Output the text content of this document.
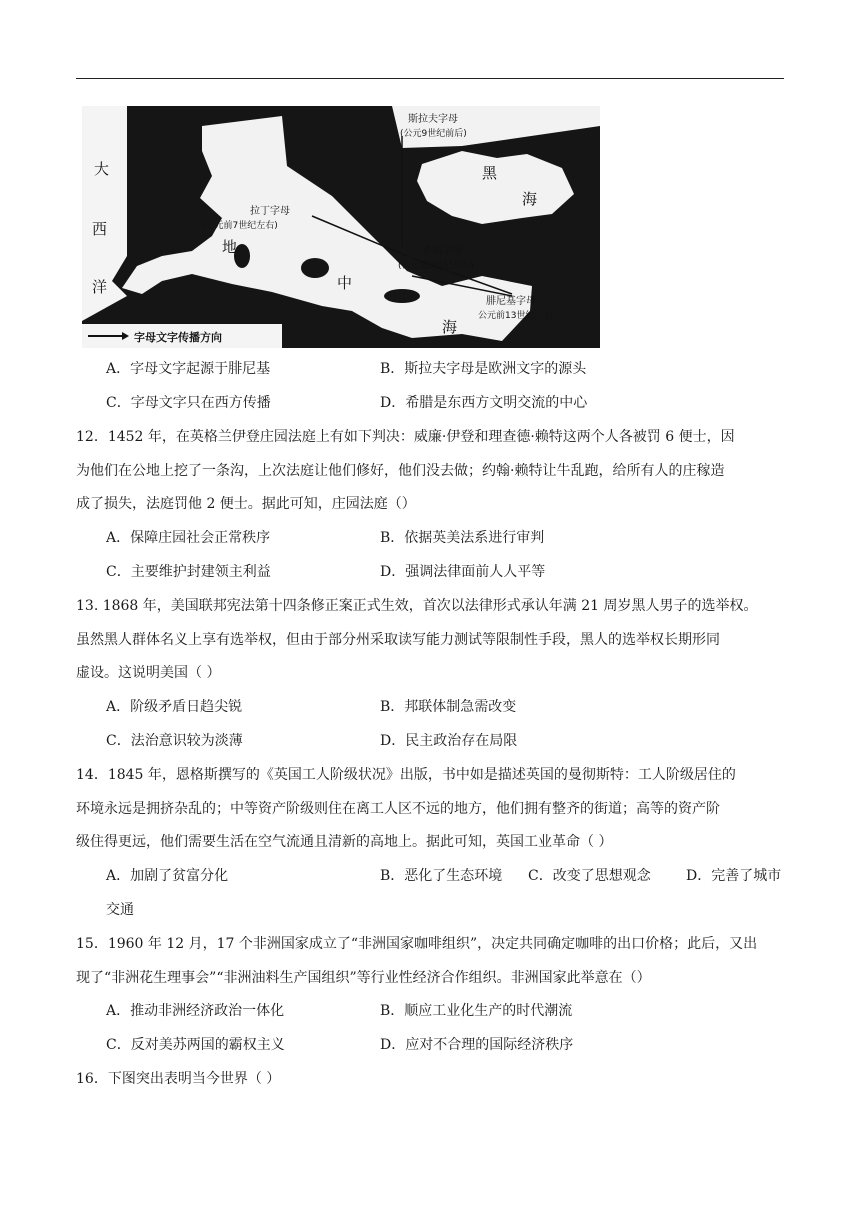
大
西
洋
黑
海
地
中
海
拉丁字母
(公元前7世纪左右)
希腊字母
(公元前9世纪左右)
斯拉夫字母
(公元9世纪前后)
腓尼基字母
公元前13世纪左右
字母文字传播方向
A．字母文字起源于腓尼基	B．斯拉夫字母是欧洲文字的源头
C．字母文字只在西方传播	D．希腊是东西方文明交流的中心
12．1452 年，在英格兰伊登庄园法庭上有如下判决：威廉·伊登和理查德·赖特这两个人各被罚 6 便士，因
为他们在公地上挖了一条沟，上次法庭让他们修好，他们没去做；约翰·赖特让牛乱跑，给所有人的庄稼造
成了损失，法庭罚他 2 便士。据此可知，庄园法庭（）
A．保障庄园社会正常秩序	B．依据英美法系进行审判
C．主要维护封建领主利益	D．强调法律面前人人平等
13. 1868 年，美国联邦宪法第十四条修正案正式生效，首次以法律形式承认年满 21 周岁黑人男子的选举权。
虽然黑人群体名义上享有选举权，但由于部分州采取读写能力测试等限制性手段，黑人的选举权长期形同
虚设。这说明美国（ ）
A．阶级矛盾日趋尖锐	B．邦联体制急需改变
C．法治意识较为淡薄	D．民主政治存在局限
14．1845 年，恩格斯撰写的《英国工人阶级状况》出版，书中如是描述英国的曼彻斯特：工人阶级居住的
环境永远是拥挤杂乱的；中等资产阶级则住在离工人区不远的地方，他们拥有整齐的街道；高等的资产阶
级住得更远，他们需要生活在空气流通且清新的高地上。据此可知，英国工业革命（ ）
A．加剧了贫富分化	B．恶化了生态环境 C．改变了思想观念	D．完善了城市
交通
15．1960 年 12 月，17 个非洲国家成立了“非洲国家咖啡组织”，决定共同确定咖啡的出口价格；此后，又出
现了“非洲花生理事会”“非洲油料生产国组织”等行业性经济合作组织。非洲国家此举意在（）
A．推动非洲经济政治一体化	B．顺应工业化生产的时代潮流
C．反对美苏两国的霸权主义	D．应对不合理的国际经济秩序
16．下图突出表明当今世界（ ）
